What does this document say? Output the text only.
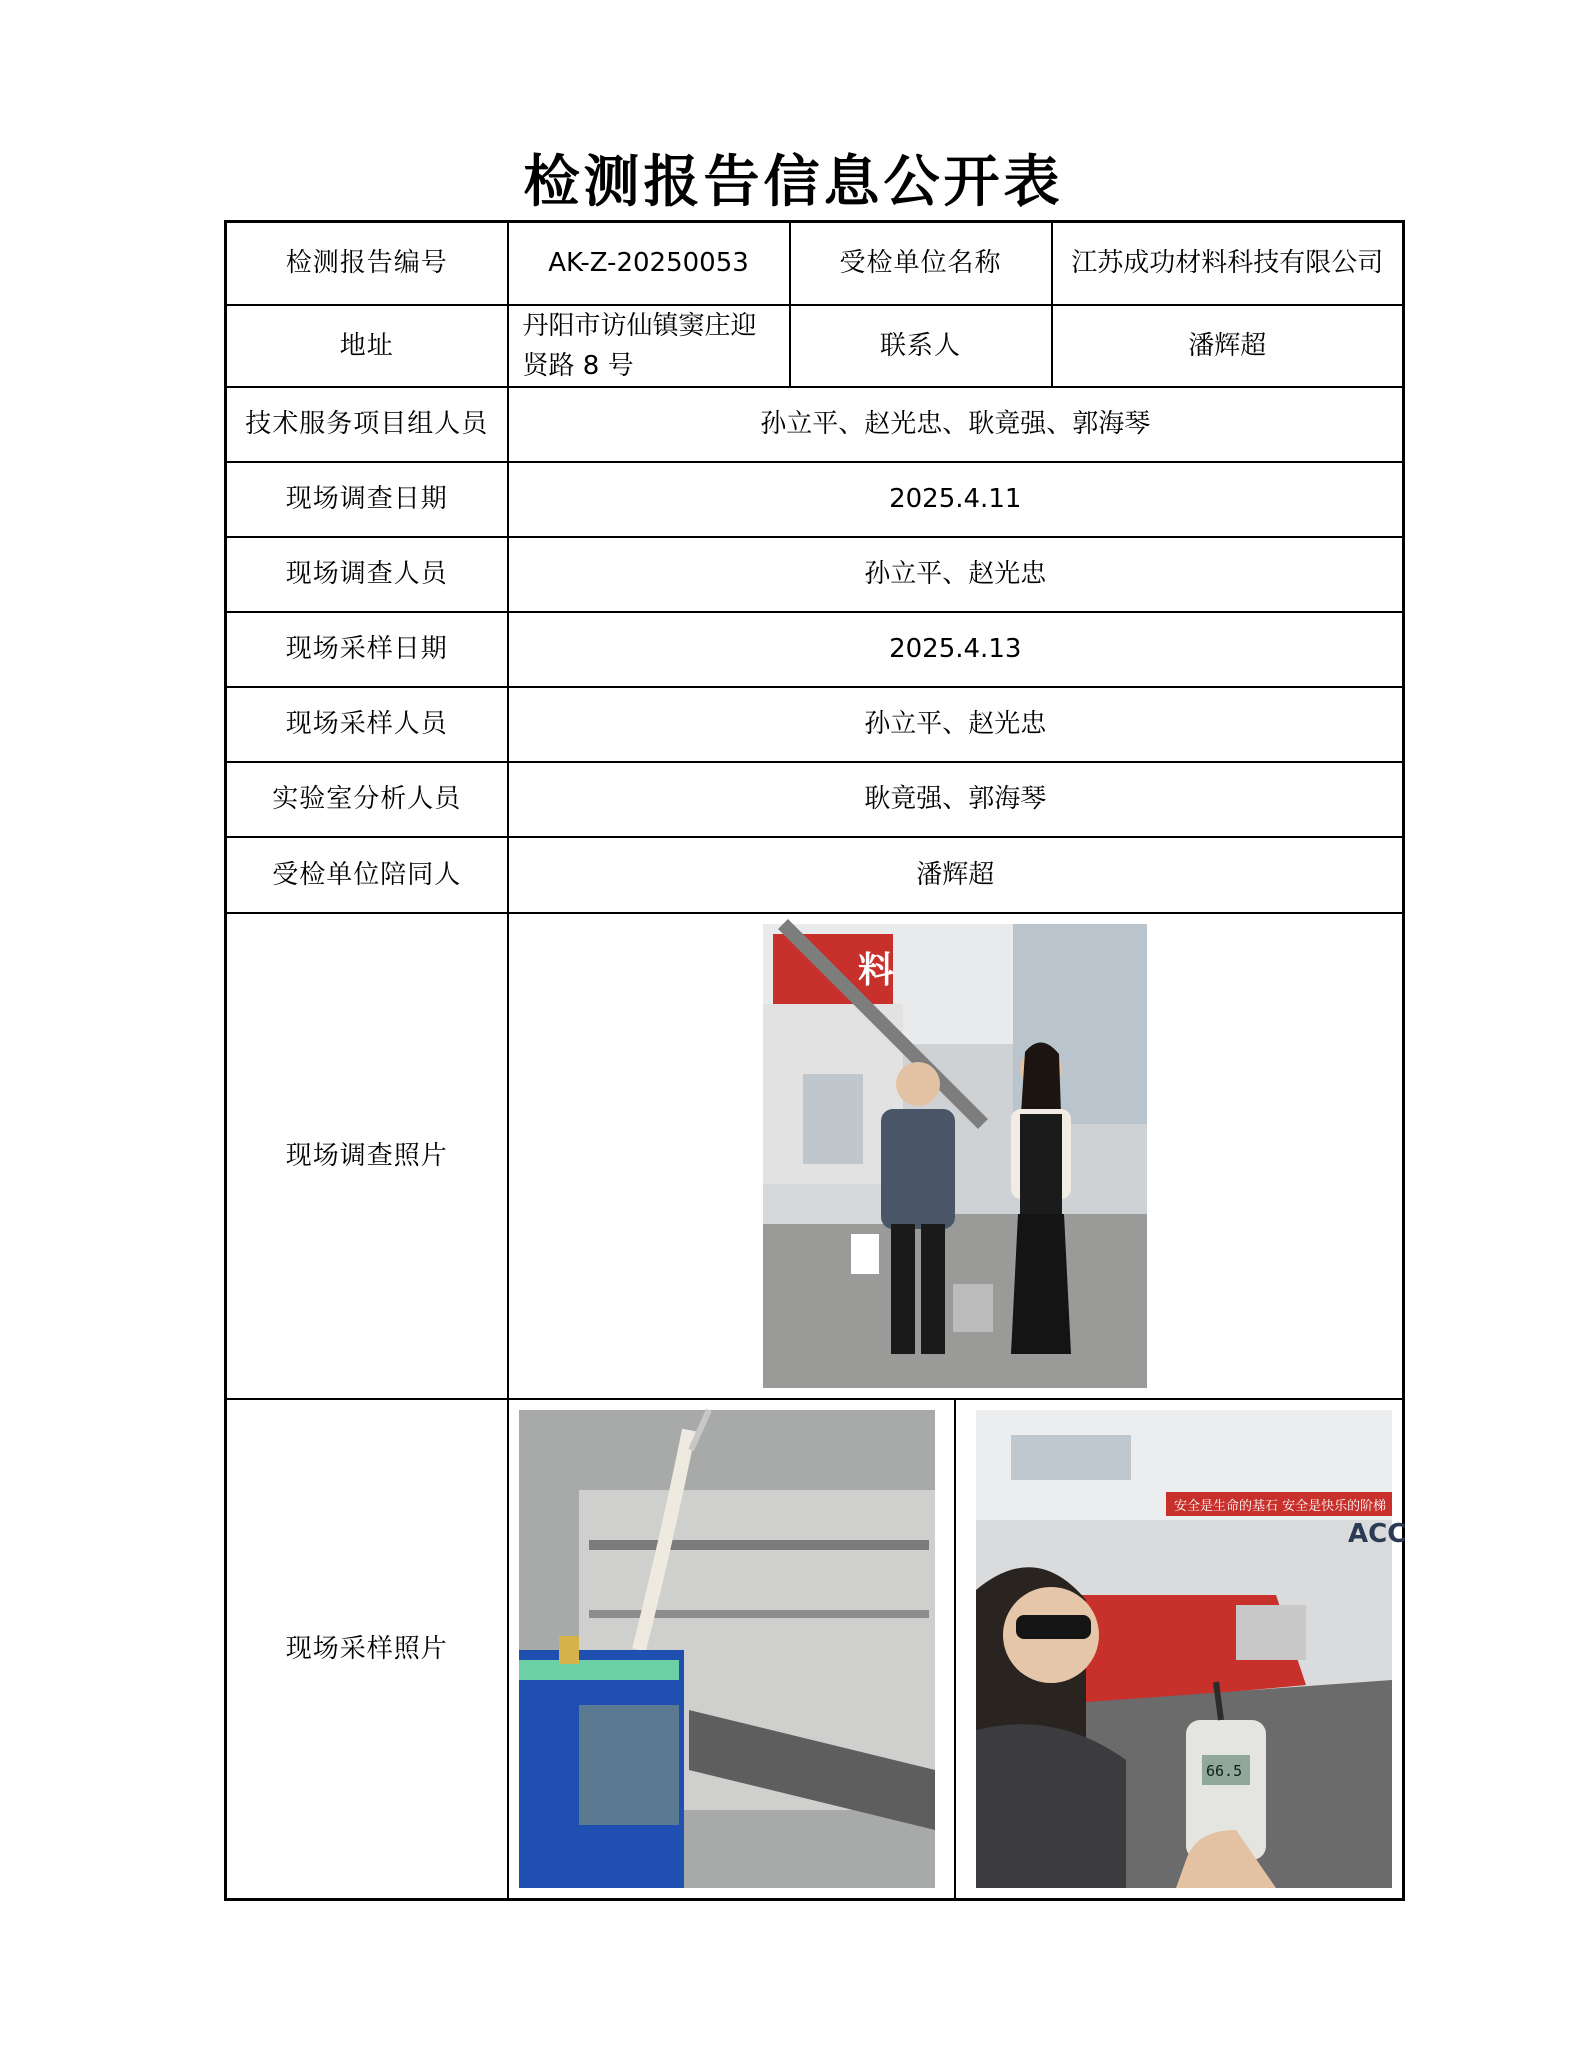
检测报告信息公开表
检测报告编号	AK-Z-20250053	受检单位名称	江苏成功材料科技有限公司
地址	丹阳市访仙镇窦庄迎贤路 8 号	联系人	潘辉超
技术服务项目组人员	孙立平、赵光忠、耿竟强、郭海琴		
现场调查日期	2025.4.11		
现场调查人员	孙立平、赵光忠		
现场采样日期	2025.4.13		
现场采样人员	孙立平、赵光忠		
实验室分析人员	耿竟强、郭海琴		
受检单位陪同人	潘辉超		
现场调查照片	料		

现场采样照片	安全是生命的基石 安全是快乐的阶梯
ACC
66.5		
